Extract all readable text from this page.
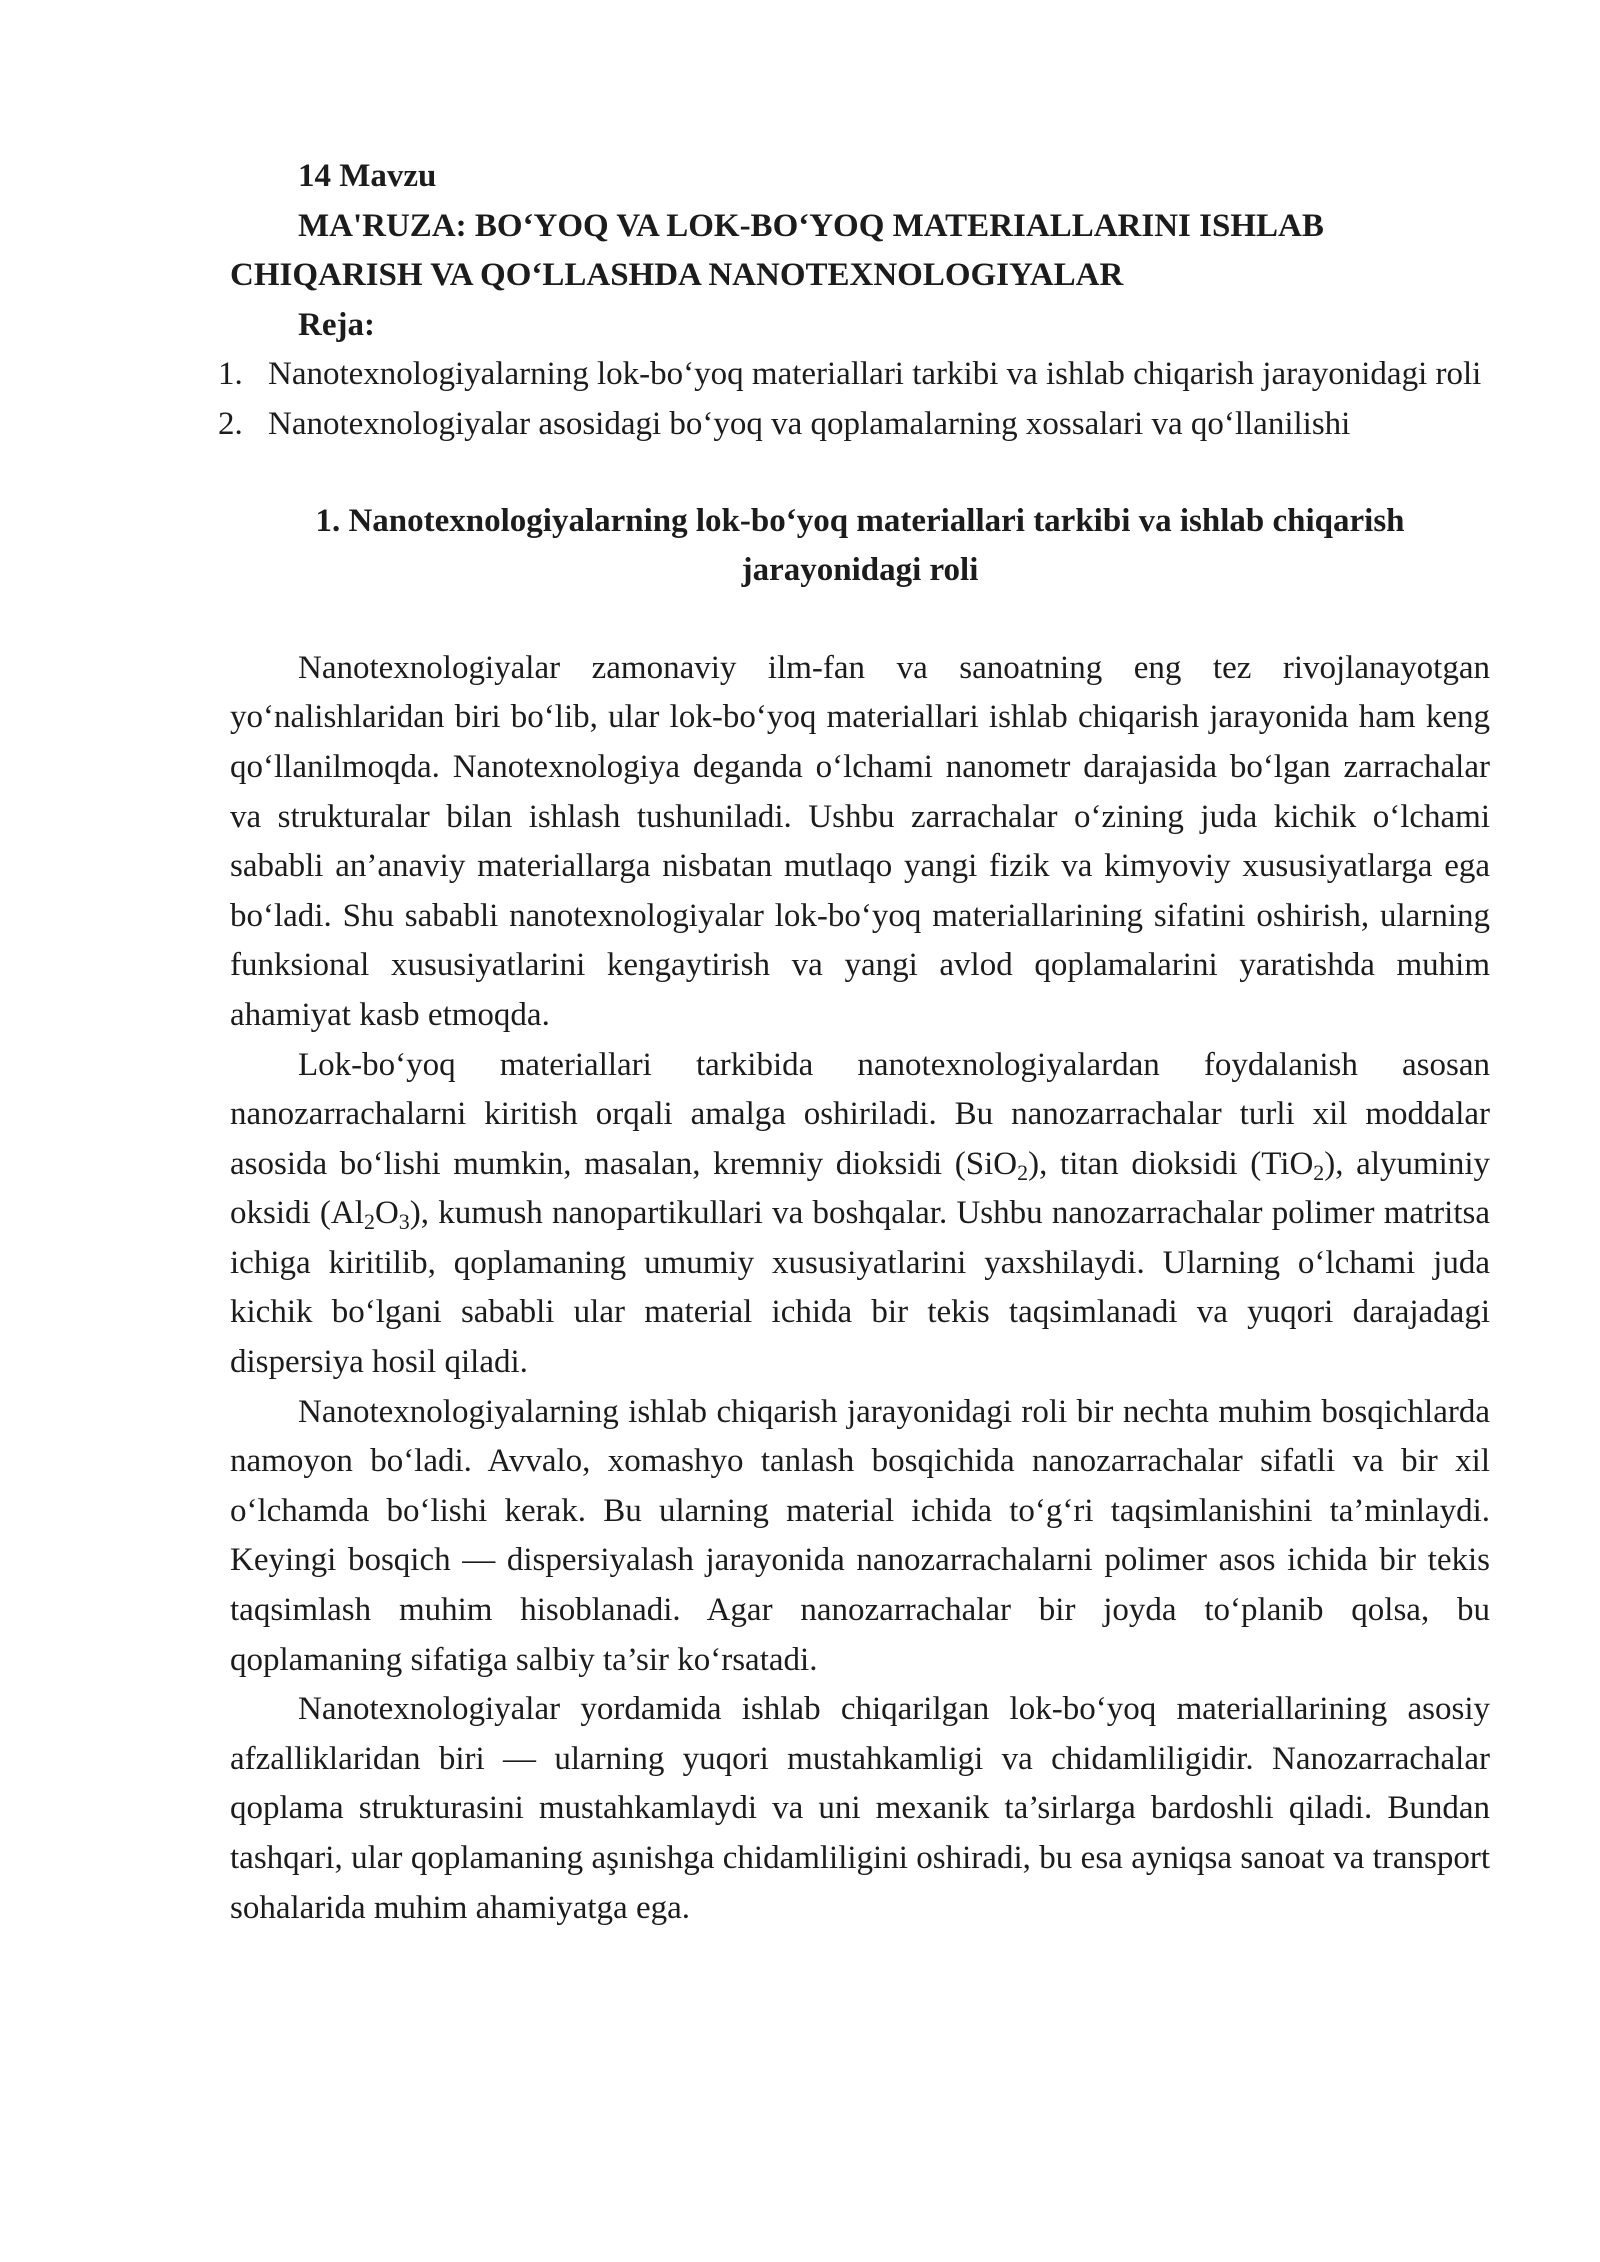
14 Mavzu

MA'RUZA: BO‘YOQ VA LOK-BO‘YOQ MATERIALLARINI ISHLAB CHIQARISH VA QO‘LLASHDA NANOTEXNOLOGIYALAR

Reja:

1. Nanotexnologiyalarning lok-bo‘yoq materiallari tarkibi va ishlab chiqarish jarayonidagi roli
2. Nanotexnologiyalar asosidagi bo‘yoq va qoplamalarning xossalari va qo‘llanilishi

1. Nanotexnologiyalarning lok-bo‘yoq materiallari tarkibi va ishlab chiqarish jarayonidagi roli

Nanotexnologiyalar zamonaviy ilm-fan va sanoatning eng tez rivojlanayotgan yo‘nalishlaridan biri bo‘lib, ular lok-bo‘yoq materiallari ishlab chiqarish jarayonida ham keng qo‘llanilmoqda. Nanotexnologiya deganda o‘lchami nanometr darajasida bo‘lgan zarrachalar va strukturalar bilan ishlash tushuniladi. Ushbu zarrachalar o‘zining juda kichik o‘lchami sababli an’anaviy materiallarga nisbatan mutlaqo yangi fizik va kimyoviy xususiyatlarga ega bo‘ladi. Shu sababli nanotexnologiyalar lok-bo‘yoq materiallarining sifatini oshirish, ularning funksional xususiyatlarini kengaytirish va yangi avlod qoplamalarini yaratishda muhim ahamiyat kasb etmoqda.

Lok-bo‘yoq materiallari tarkibida nanotexnologiyalardan foydalanish asosan nanozarrachalarni kiritish orqali amalga oshiriladi. Bu nanozarrachalar turli xil moddalar asosida bo‘lishi mumkin, masalan, kremniy dioksidi (SiO$_2$), titan dioksidi (TiO$_2$), alyuminiy oksidi $(Al_2O_3)$, kumush nanopartikullari va boshqalar. Ushbu nanozarrachalar polimer matritsa ichiga kiritilib, qoplamaning umumiy xususiyatlarini yaxshilaydi. Ularning o‘lchami juda kichik bo‘lgani sababli ular material ichida bir tekis taqsimlanadi va yuqori darajadagi dispersiya hosil qiladi.

Nanotexnologiyalarning ishlab chiqarish jarayonidagi roli bir nechta muhim bosqichlarda namoyon bo‘ladi. Avvalo, xomashyo tanlash bosqichida nanozarrachalar sifatli va bir xil o‘lchamda bo‘lishi kerak. Bu ularning material ichida to‘g‘ri taqsimlanishini ta’minlaydi. Keyingi bosqich — dispersiyalash jarayonida nanozarrachalarni polimer asos ichida bir tekis taqsimlash muhim hisoblanadi. Agar nanozarrachalar bir joyda to‘planib qolsa, bu qoplamaning sifatiga salbiy ta’sir ko‘rsatadi.

Nanotexnologiyalar yordamida ishlab chiqarilgan lok-bo‘yoq materiallarining asosiy afzalliklaridan biri — ularning yuqori mustahkamligi va chidamliligidir. Nanozarrachalar qoplama strukturasini mustahkamlaydi va uni mexanik ta’sirlarga bardoshli qiladi. Bundan tashqari, ular qoplamaning aşınishga chidamliligini oshiradi, bu esa ayniqsa sanoat va transport sohalarida muhim ahamiyatga ega.
